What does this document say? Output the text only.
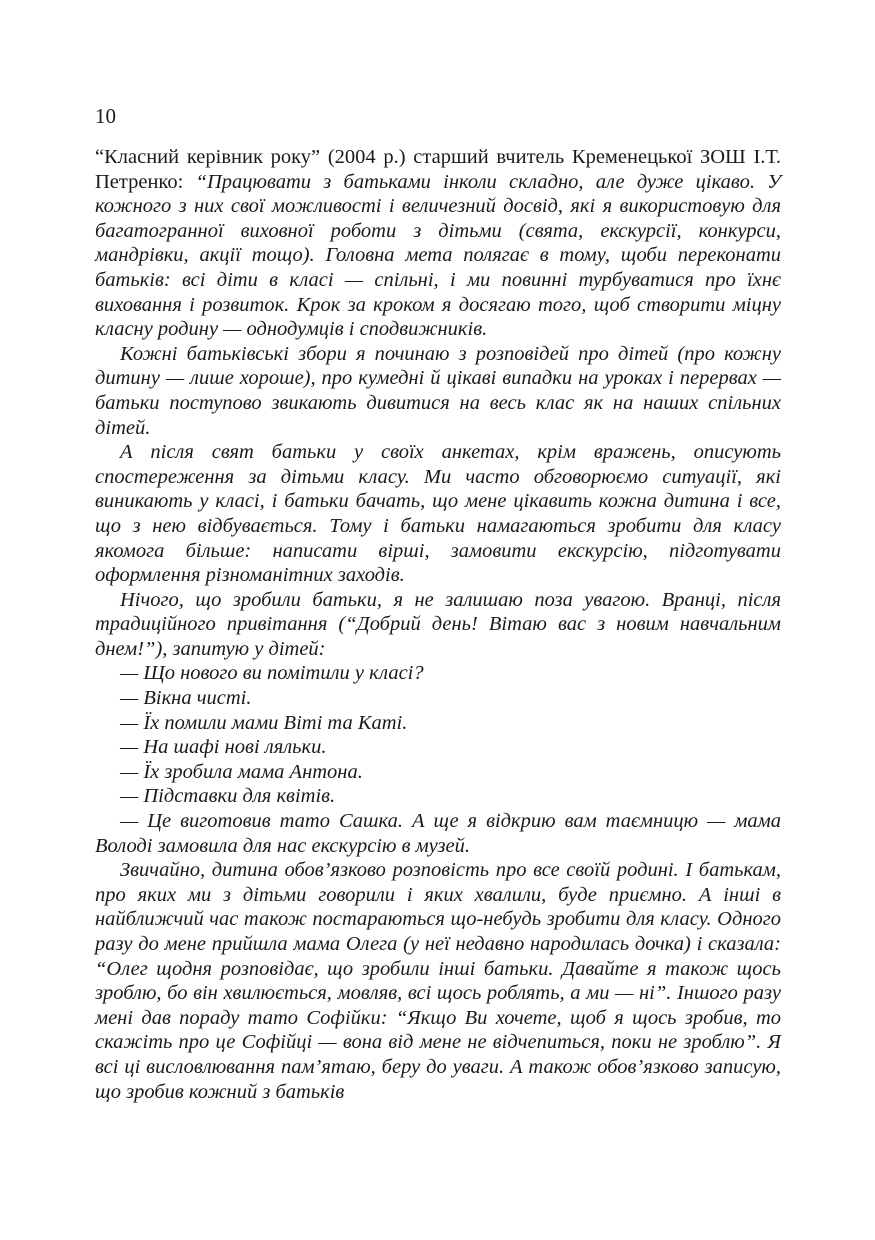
10

“Класний керівник року” (2004 р.) старший вчитель Кременецької ЗОШ І.Т. Петренко: “Працювати з батьками інколи складно, але дуже цікаво. У кожного з них свої можливості і величезний досвід, які я використовую для багатогранної виховної роботи з дітьми (свята, екскурсії, конкурси, мандрівки, акції тощо). Головна мета полягає в тому, щоби переконати батьків: всі діти в класі — спільні, і ми повинні турбуватися про їхнє виховання і розвиток. Крок за кроком я досягаю того, щоб створити міцну класну родину — однодумців і сподвижників.

Кожні батьківські збори я починаю з розповідей про дітей (про кожну дитину — лише хороше), про кумедні й цікаві випадки на уроках і перервах — батьки поступово звикають дивитися на весь клас як на наших спільних дітей.

А після свят батьки у своїх анкетах, крім вражень, описують спостереження за дітьми класу. Ми часто обговорюємо ситуації, які виникають у класі, і батьки бачать, що мене цікавить кожна дитина і все, що з нею відбувається. Тому і батьки намагаються зробити для класу якомога більше: написати вірші, замовити екскурсію, підготувати оформлення різноманітних заходів.

Нічого, що зробили батьки, я не залишаю поза увагою. Вранці, після традиційного привітання (“Добрий день! Вітаю вас з новим навчальним днем!”), запитую у дітей:

— Що нового ви помітили у класі?

— Вікна чисті.

— Їх помили мами Віті та Каті.

— На шафі нові ляльки.

— Їх зробила мама Антона.

— Підставки для квітів.

— Це виготовив тато Сашка. А ще я відкрию вам таємницю — мама Володі замовила для нас екскурсію в музей.

Звичайно, дитина обов’язково розповість про все своїй родині. І батькам, про яких ми з дітьми говорили і яких хвалили, буде приємно. А інші в найближчий час також постараються що-небудь зробити для класу. Одного разу до мене прийшла мама Олега (у неї недавно народилась дочка) і сказала: “Олег щодня розповідає, що зробили інші батьки. Давайте я також щось зроблю, бо він хвилюється, мовляв, всі щось роблять, а ми — ні”. Іншого разу мені дав пораду тато Софійки: “Якщо Ви хочете, щоб я щось зробив, то скажіть про це Софійці — вона від мене не відчепиться, поки не зроблю”. Я всі ці висловлювання пам’ятаю, беру до уваги. А також обов’язково записую, що зробив кожний з батьків
